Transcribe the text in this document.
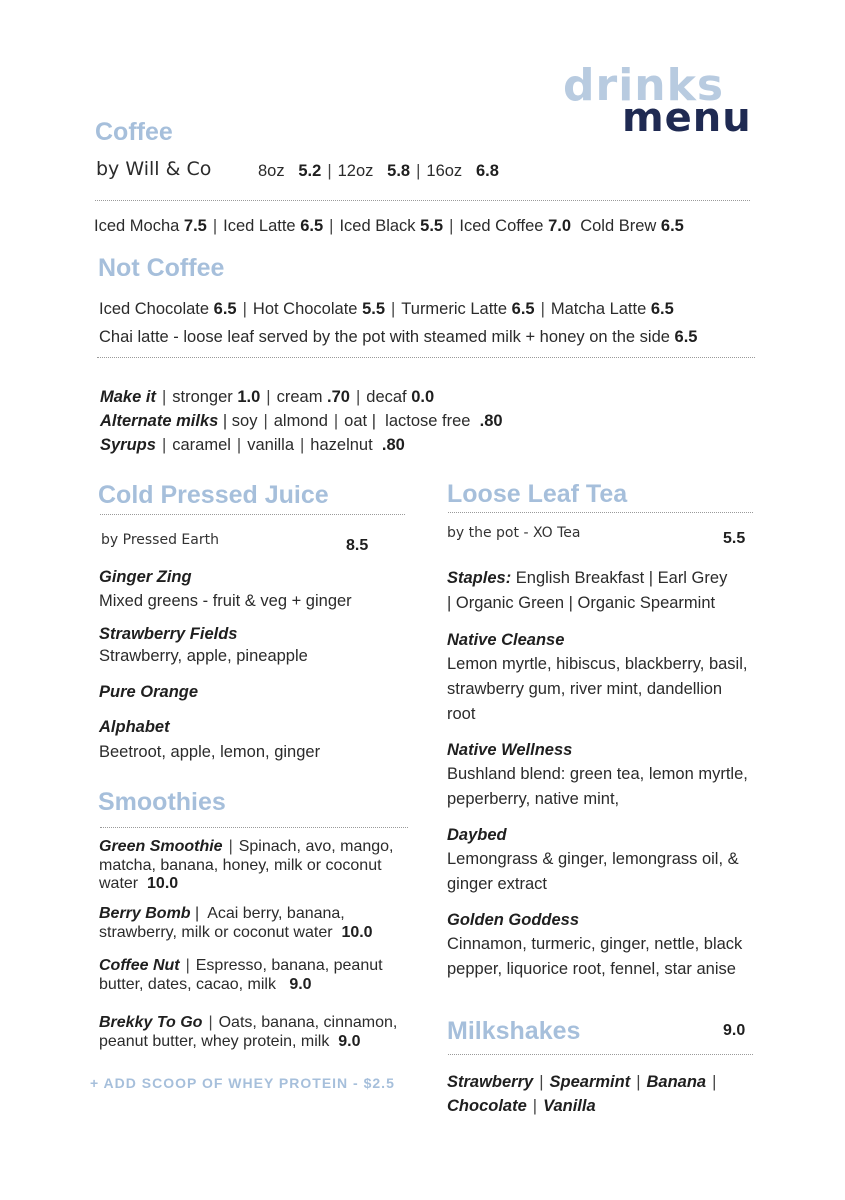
drinks
menu
Coffee
by Will & Co	8oz 5.2 | 12oz 5.8 | 16oz 6.8
Iced Mocha 7.5 | Iced Latte 6.5 | Iced Black 5.5 | Iced Coffee 7.0 Cold Brew 6.5
Not Coffee
Iced Chocolate 6.5 | Hot Chocolate 5.5 | Turmeric Latte 6.5 | Matcha Latte 6.5
Chai latte - loose leaf served by the pot with steamed milk + honey on the side 6.5
Make it | stronger 1.0 | cream .70 | decaf 0.0
Alternate milks | soy | almond | oat |  lactose free .80
Syrups | caramel | vanilla | hazelnut .80
Cold Pressed Juice
by Pressed Earth	8.5
Ginger Zing
Mixed greens - fruit & veg + ginger
Strawberry Fields
Strawberry, apple, pineapple
Pure Orange
Alphabet
Beetroot, apple, lemon, ginger
Smoothies
Green Smoothie | Spinach, avo, mango,
matcha, banana, honey, milk or coconut
water 10.0
Berry Bomb |  Acai berry, banana,
strawberry, milk or coconut water 10.0
Coffee Nut | Espresso, banana, peanut
butter, dates, cacao, milk 9.0
Brekky To Go | Oats, banana, cinnamon,
peanut butter, whey protein, milk 9.0
+ ADD SCOOP OF WHEY PROTEIN - $2.5
Loose Leaf Tea
by the pot - XO Tea	5.5
Staples: English Breakfast | Earl Grey
| Organic Green | Organic Spearmint
Native Cleanse
Lemon myrtle, hibiscus, blackberry, basil,
strawberry gum, river mint, dandellion
root
Native Wellness
Bushland blend: green tea, lemon myrtle,
peperberry, native mint,
Daybed
Lemongrass & ginger, lemongrass oil, &
ginger extract
Golden Goddess
Cinnamon, turmeric, ginger, nettle, black
pepper, liquorice root, fennel, star anise
Milkshakes	9.0
Strawberry | Spearmint | Banana |
Chocolate | Vanilla
